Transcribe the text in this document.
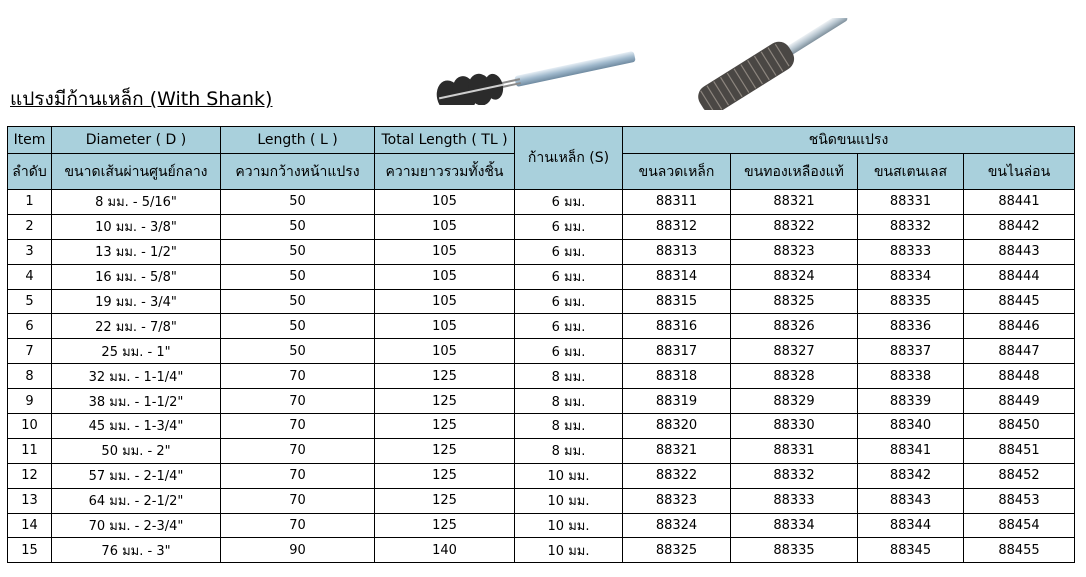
แปรงมีก้านเหล็ก (With Shank)
Item	Diameter ( D )	Length ( L )	Total Length ( TL )	ก้านเหล็ก (S)	ชนิดขนแปรง			
ลำดับ	ขนาดเส้นผ่านศูนย์กลาง	ความกว้างหน้าแปรง	ความยาวรวมทั้งชิ้น		ขนลวดเหล็ก	ขนทองเหลืองแท้	ขนสเตนเลส	ขนไนล่อน
1	8 มม. - 5/16"	50	105	6 มม.	88311	88321	88331	88441
2	10 มม. - 3/8"	50	105	6 มม.	88312	88322	88332	88442
3	13 มม. - 1/2"	50	105	6 มม.	88313	88323	88333	88443
4	16 มม. - 5/8"	50	105	6 มม.	88314	88324	88334	88444
5	19 มม. - 3/4"	50	105	6 มม.	88315	88325	88335	88445
6	22 มม. - 7/8"	50	105	6 มม.	88316	88326	88336	88446
7	25 มม. - 1"	50	105	6 มม.	88317	88327	88337	88447
8	32 มม. - 1-1/4"	70	125	8 มม.	88318	88328	88338	88448
9	38 มม. - 1-1/2"	70	125	8 มม.	88319	88329	88339	88449
10	45 มม. - 1-3/4"	70	125	8 มม.	88320	88330	88340	88450
11	50 มม. - 2"	70	125	8 มม.	88321	88331	88341	88451
12	57 มม. - 2-1/4"	70	125	10 มม.	88322	88332	88342	88452
13	64 มม. - 2-1/2"	70	125	10 มม.	88323	88333	88343	88453
14	70 มม. - 2-3/4"	70	125	10 มม.	88324	88334	88344	88454
15	76 มม. - 3"	90	140	10 มม.	88325	88335	88345	88455
